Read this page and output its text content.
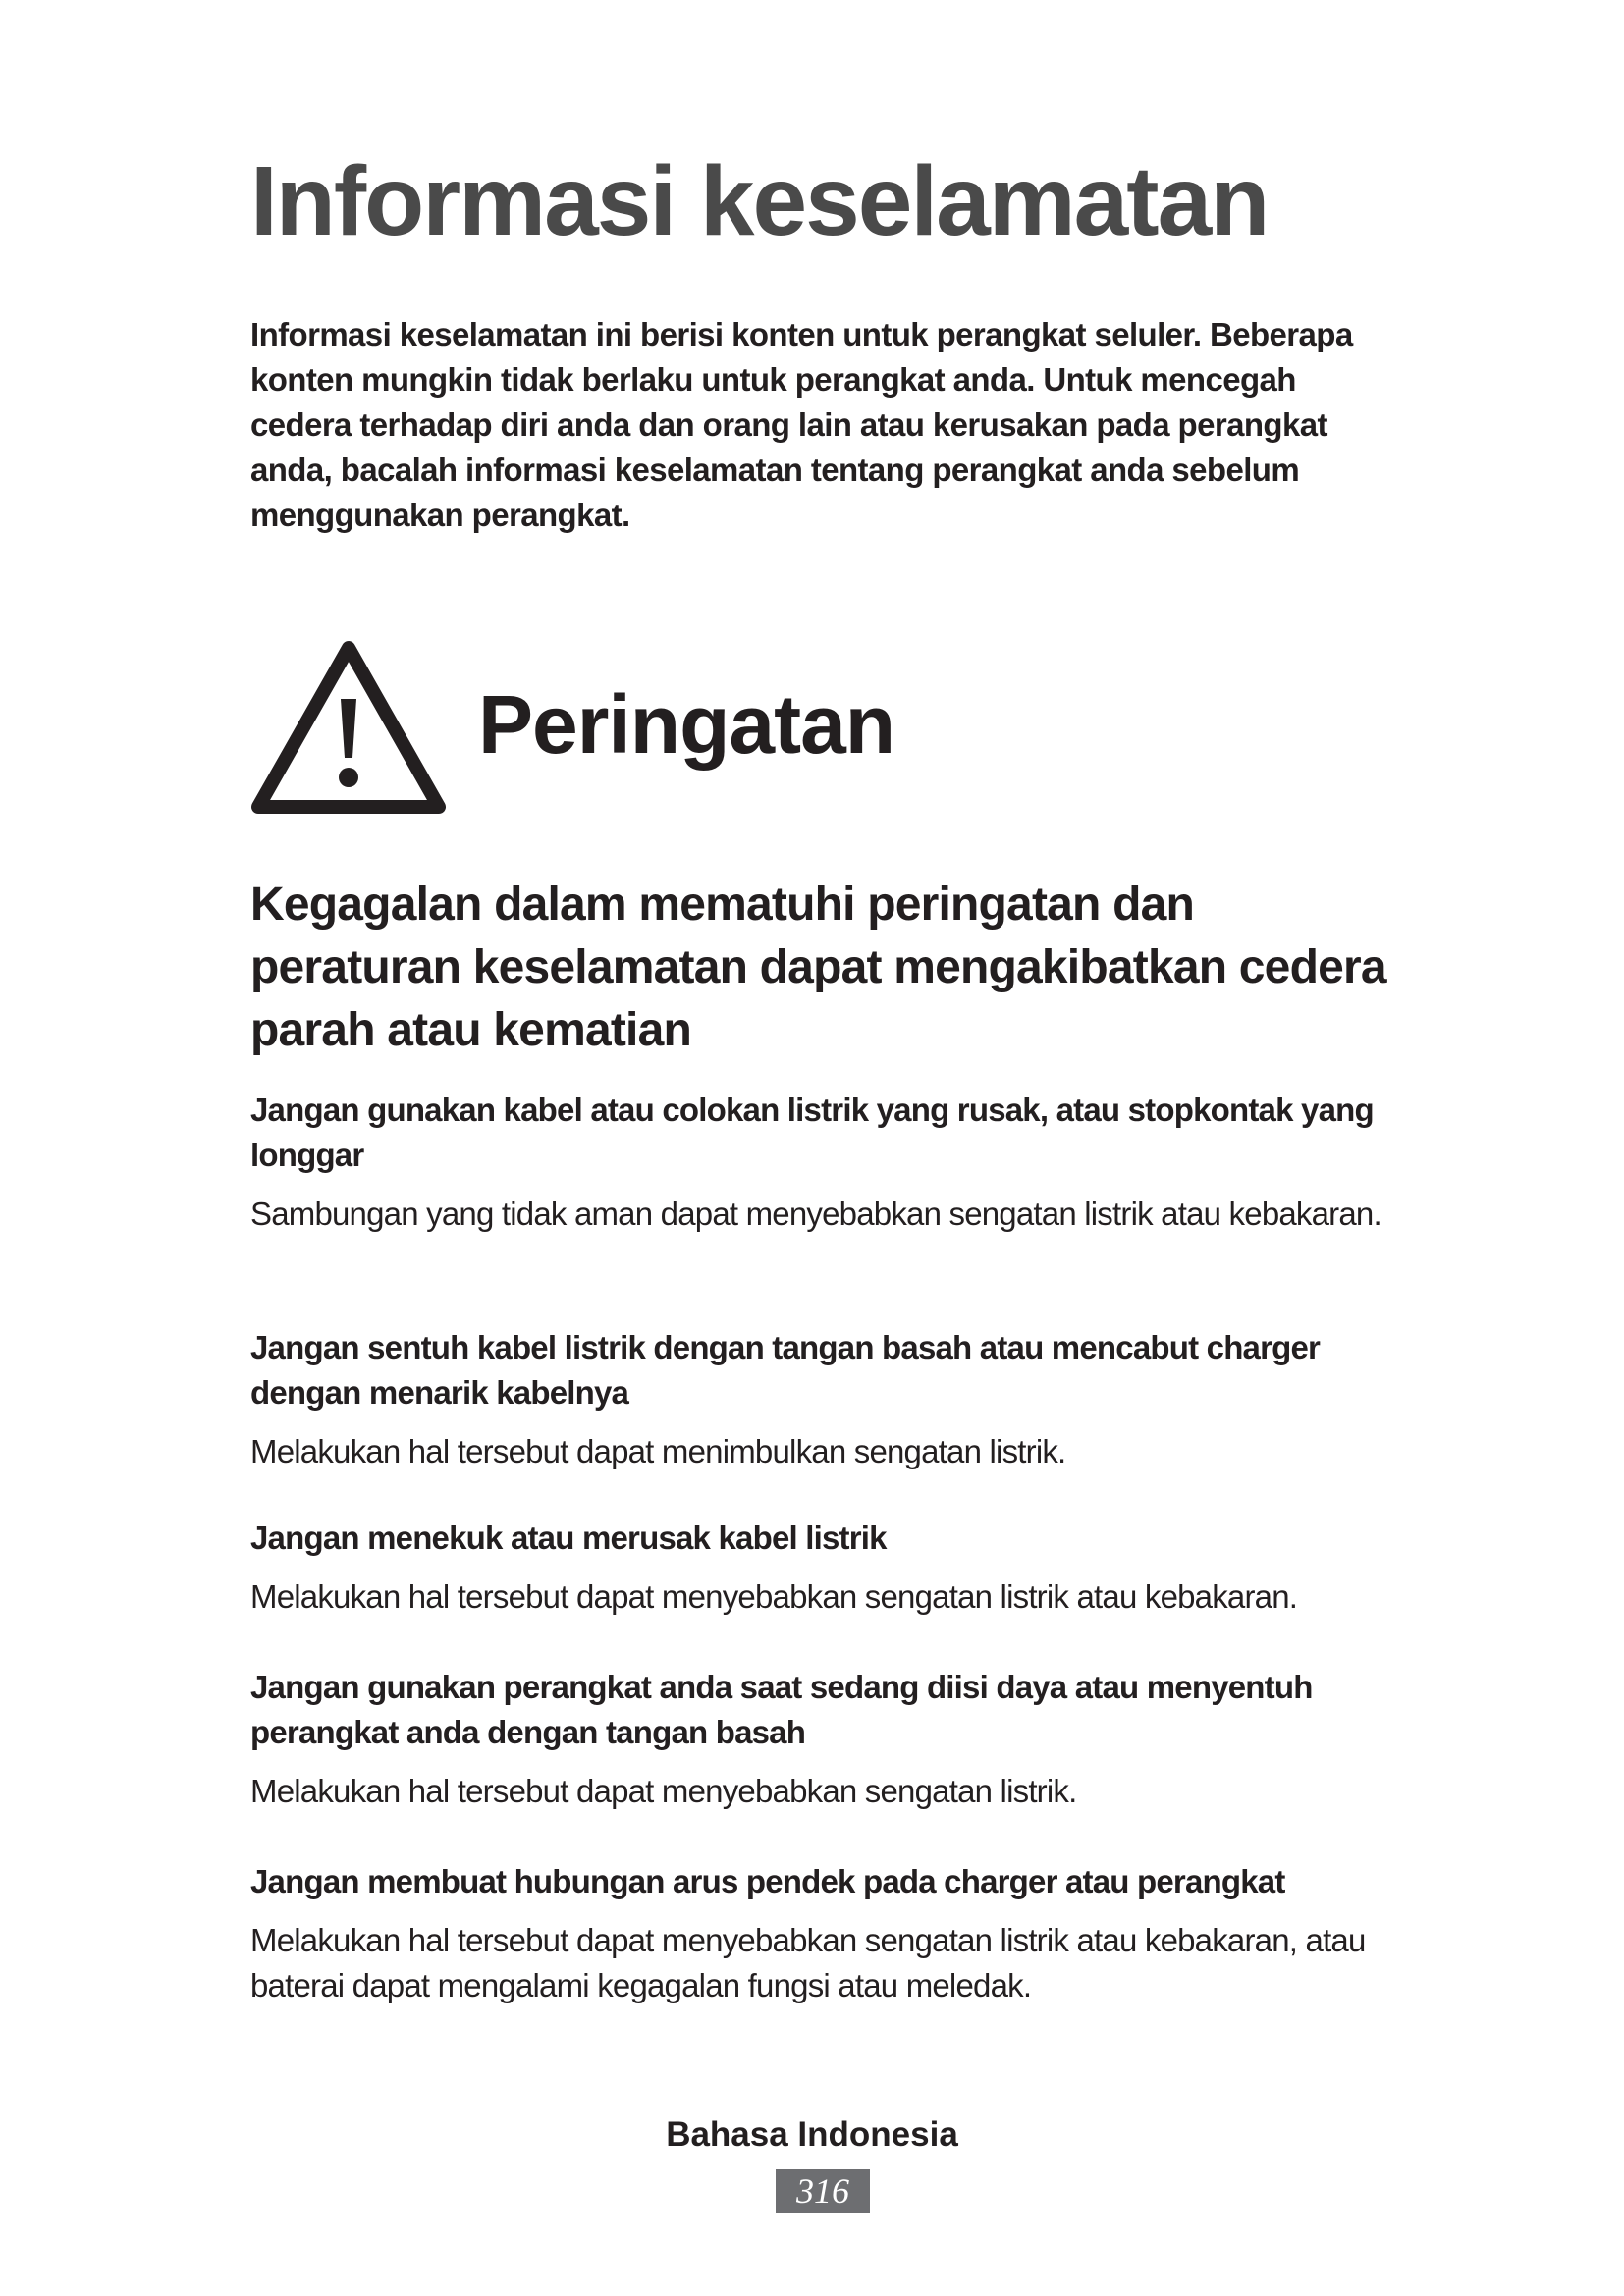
Informasi keselamatan

Informasi keselamatan ini berisi konten untuk perangkat seluler. Beberapa konten mungkin tidak berlaku untuk perangkat anda. Untuk mencegah cedera terhadap diri anda dan orang lain atau kerusakan pada perangkat anda, bacalah informasi keselamatan tentang perangkat anda sebelum menggunakan perangkat.

Peringatan
Kegagalan dalam mematuhi peringatan dan peraturan keselamatan dapat mengakibatkan cedera parah atau kematian

Jangan gunakan kabel atau colokan listrik yang rusak, atau stopkontak yang longgar

Sambungan yang tidak aman dapat menyebabkan sengatan listrik atau kebakaran.

Jangan sentuh kabel listrik dengan tangan basah atau mencabut charger dengan menarik kabelnya

Melakukan hal tersebut dapat menimbulkan sengatan listrik.

Jangan menekuk atau merusak kabel listrik

Melakukan hal tersebut dapat menyebabkan sengatan listrik atau kebakaran.

Jangan gunakan perangkat anda saat sedang diisi daya atau menyentuh perangkat anda dengan tangan basah

Melakukan hal tersebut dapat menyebabkan sengatan listrik.

Jangan membuat hubungan arus pendek pada charger atau perangkat

Melakukan hal tersebut dapat menyebabkan sengatan listrik atau kebakaran, atau baterai dapat mengalami kegagalan fungsi atau meledak.

Bahasa Indonesia

316
